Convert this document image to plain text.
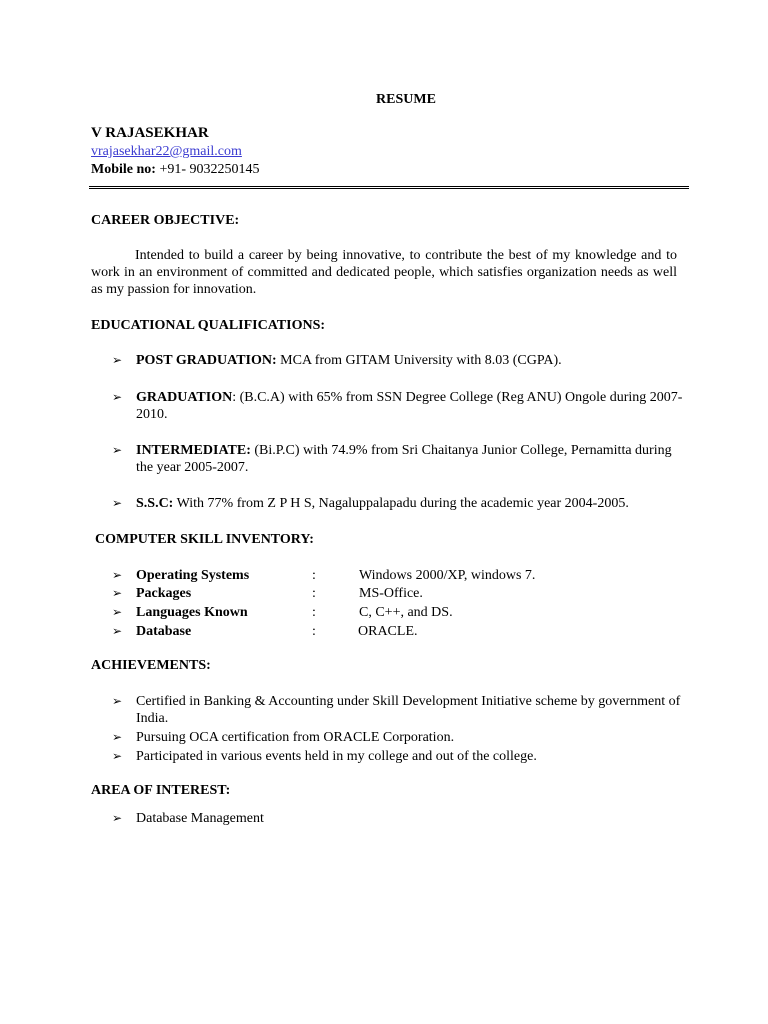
RESUME
V RAJASEKHAR
vrajasekhar22@gmail.com
Mobile no: +91- 9032250145
CAREER OBJECTIVE:
Intended to build a career by being innovative, to contribute the best of my knowledge and to work in an environment of committed and dedicated people, which satisfies organization needs as well as my passion for innovation.
EDUCATIONAL QUALIFICATIONS:
➢ POST GRADUATION: MCA from GITAM University with 8.03 (CGPA).
➢ GRADUATION: (B.C.A) with 65% from SSN Degree College (Reg ANU) Ongole during 2007-2010.
➢ INTERMEDIATE: (Bi.P.C) with 74.9% from Sri Chaitanya Junior College, Pernamitta during the year 2005-2007.
➢ S.S.C: With 77% from Z P H S, Nagaluppalapadu during the academic year 2004-2005.
COMPUTER SKILL INVENTORY:
➢ Operating Systems	:	Windows 2000/XP, windows 7.
➢ Packages	:	MS-Office.
➢ Languages Known	:	C, C++, and DS.
➢ Database	:	ORACLE.
ACHIEVEMENTS:
➢ Certified in Banking & Accounting under Skill Development Initiative scheme by government of India.
➢ Pursuing OCA certification from ORACLE Corporation.
➢ Participated in various events held in my college and out of the college.
AREA OF INTEREST:
➢ Database Management
